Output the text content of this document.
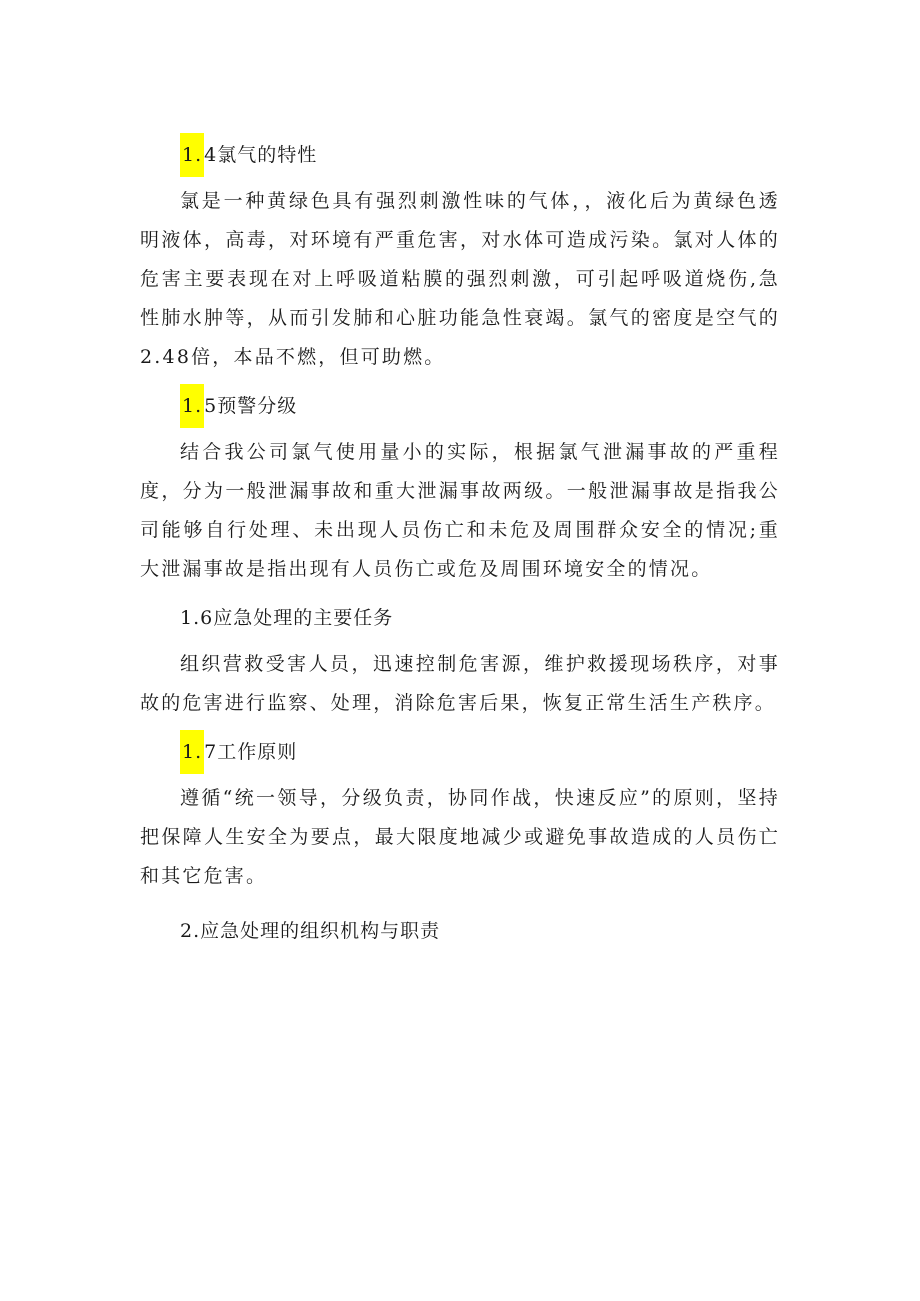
1. 4氯气的特性

氯是一种黄绿色具有强烈刺激性味的气体，，液化后为黄绿色透明液体，高毒，对环境有严重危害，对水体可造成污染。氯对人体的危害主要表现在对上呼吸道粘膜的强烈刺激，可引起呼吸道烧伤,急性肺水肿等，从而引发肺和心脏功能急性衰竭。氯气的密度是空气的2.48倍，本品不燃，但可助燃。

1. 5预警分级

结合我公司氯气使用量小的实际，根据氯气泄漏事故的严重程度，分为一般泄漏事故和重大泄漏事故两级。一般泄漏事故是指我公司能够自行处理、未出现人员伤亡和未危及周围群众安全的情况;重大泄漏事故是指出现有人员伤亡或危及周围环境安全的情况。

1.6应急处理的主要任务

组织营救受害人员，迅速控制危害源，维护救援现场秩序，对事故的危害进行监察、处理，消除危害后果，恢复正常生活生产秩序。

1. 7工作原则

遵循“统一领导，分级负责，协同作战，快速反应”的原则，坚持把保障人生安全为要点，最大限度地减少或避免事故造成的人员伤亡和其它危害。

2.应急处理的组织机构与职责
